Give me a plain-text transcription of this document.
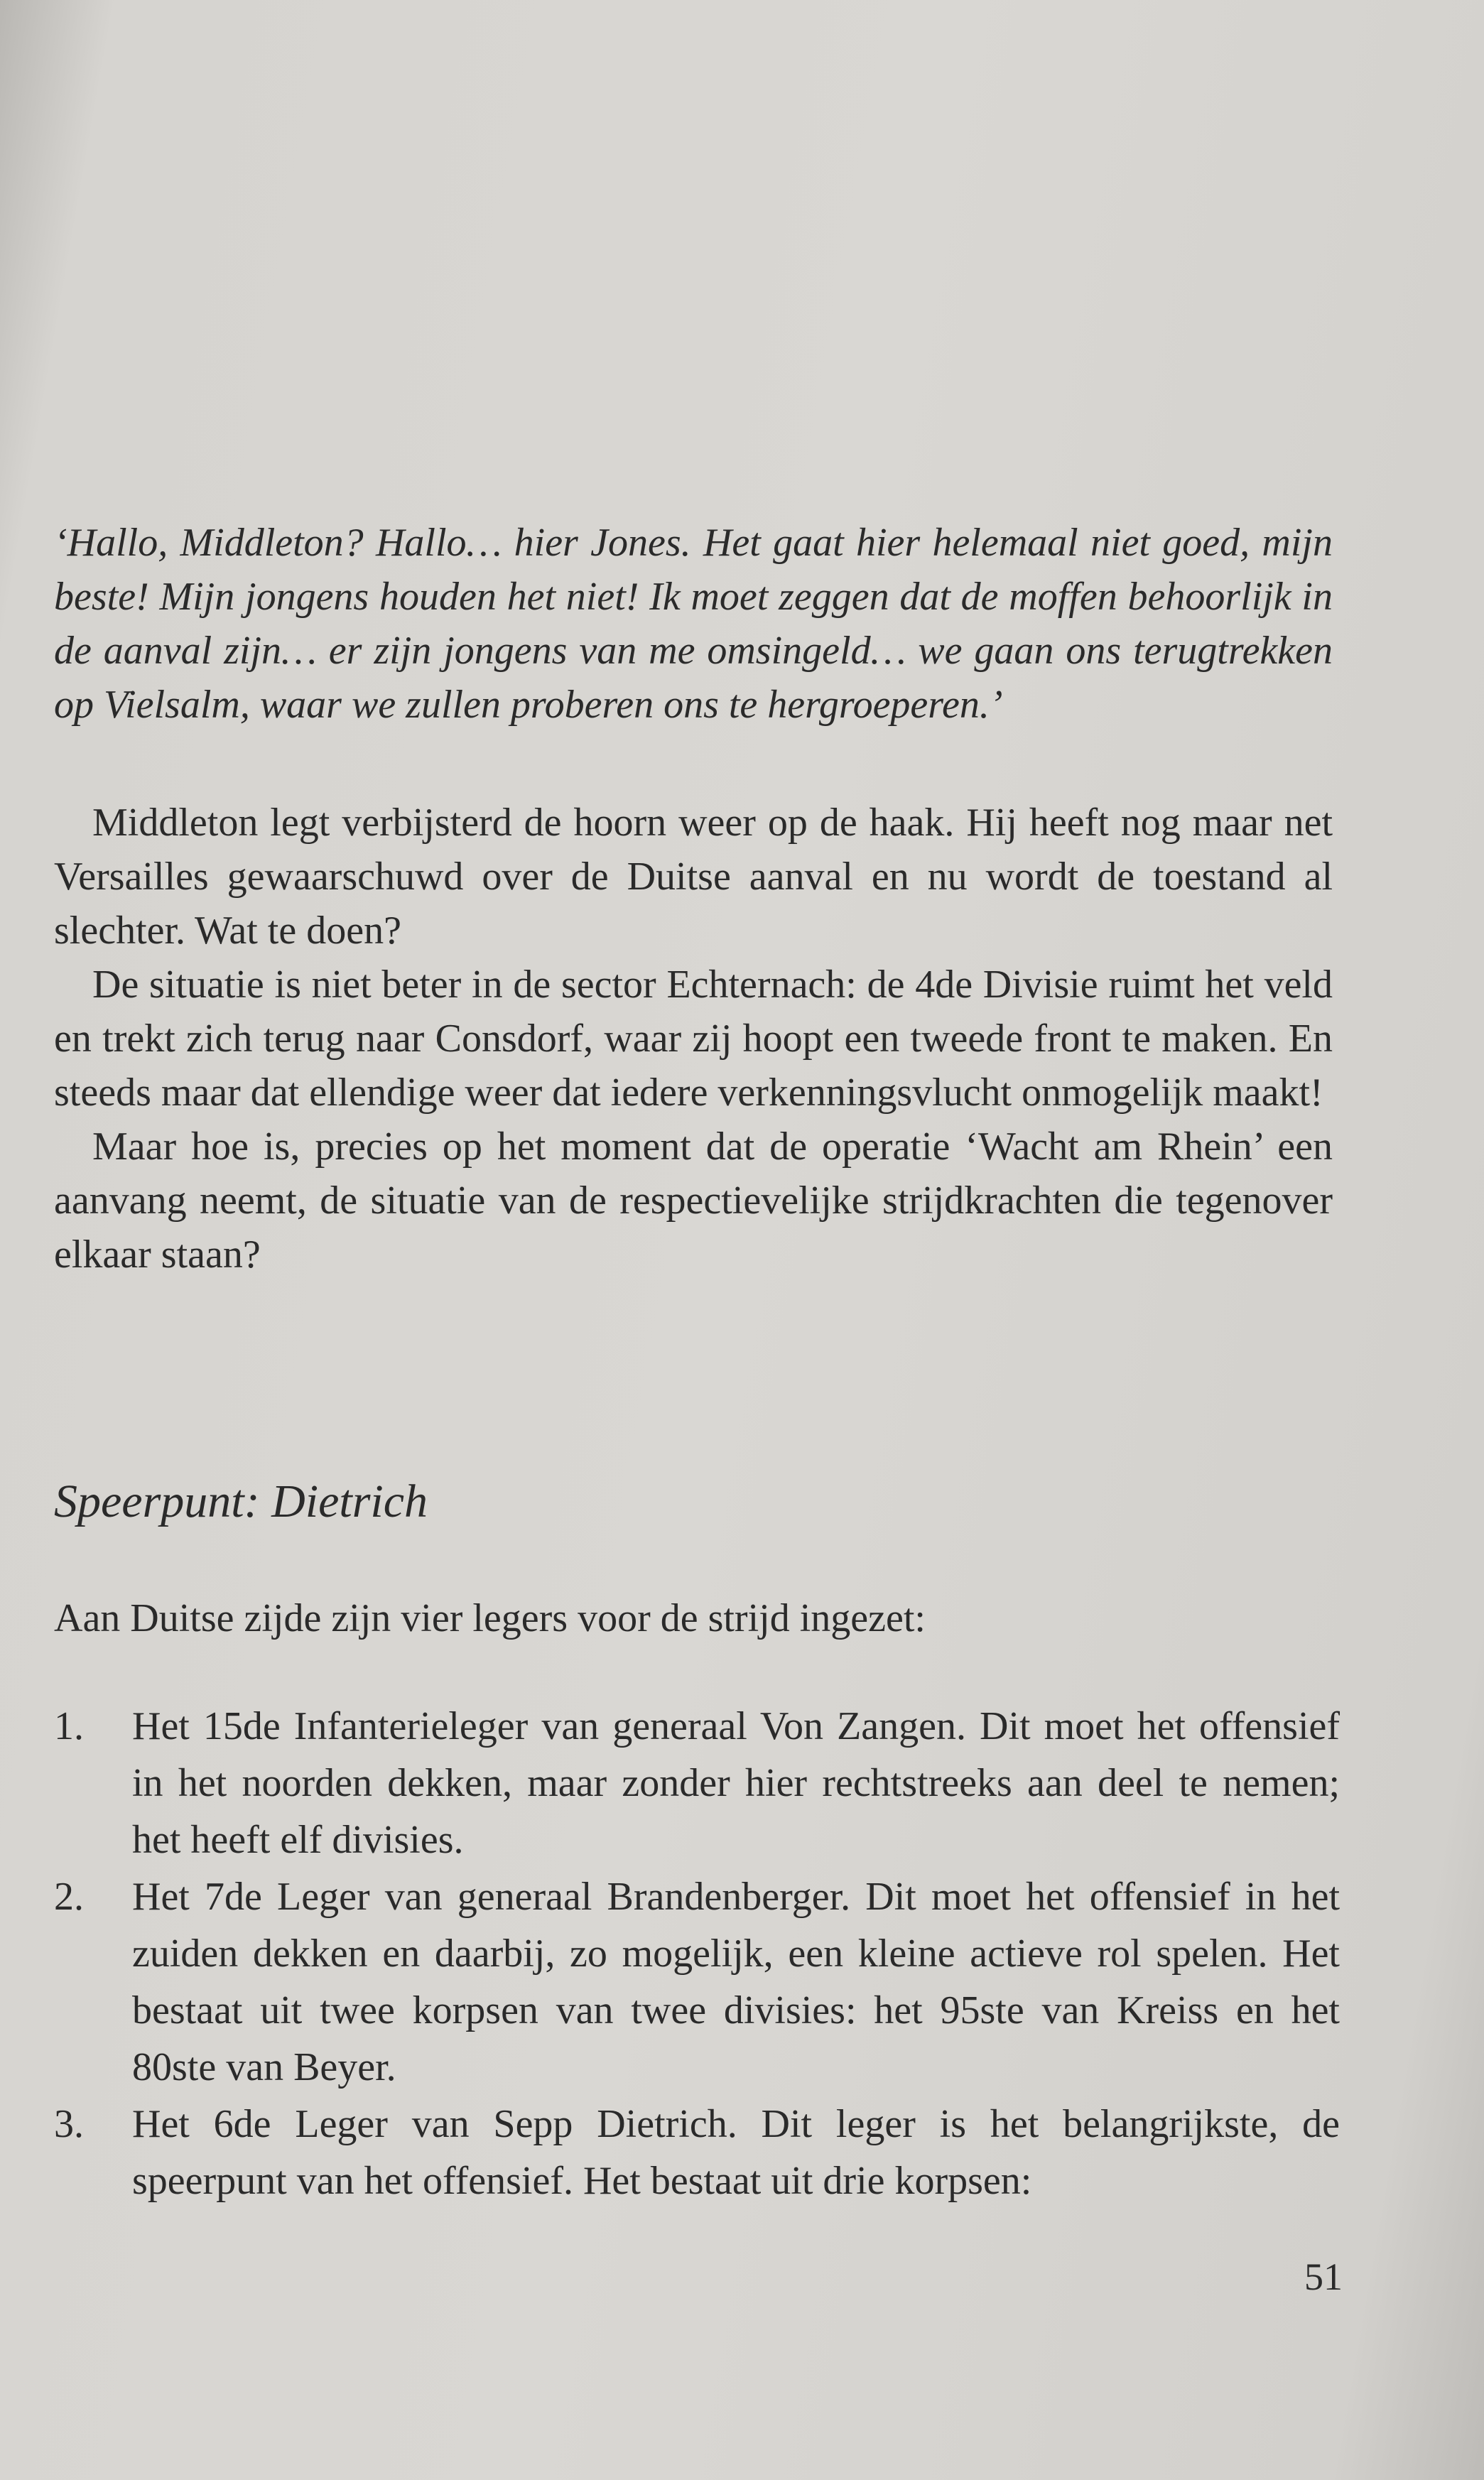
‘Hallo, Middleton? Hallo… hier Jones. Het gaat hier helemaal niet goed, mijn beste! Mijn jongens houden het niet! Ik moet zeggen dat de moffen behoorlijk in de aanval zijn… er zijn jongens van me omsingeld… we gaan ons terugtrekken op Vielsalm, waar we zullen proberen ons te hergroeperen.’

Middleton legt verbijsterd de hoorn weer op de haak. Hij heeft nog maar net Versailles gewaarschuwd over de Duitse aanval en nu wordt de toestand al slechter. Wat te doen?

De situatie is niet beter in de sector Echternach: de 4de Divisie ruimt het veld en trekt zich terug naar Consdorf, waar zij hoopt een tweede front te maken. En steeds maar dat ellendige weer dat iedere verkenningsvlucht onmogelijk maakt!

Maar hoe is, precies op het moment dat de operatie ‘Wacht am Rhein’ een aanvang neemt, de situatie van de respectievelijke strijdkrachten die tegenover elkaar staan?

Speerpunt: Dietrich

Aan Duitse zijde zijn vier legers voor de strijd ingezet:

1.	Het 15de Infanterieleger van generaal Von Zangen. Dit moet het offensief in het noorden dekken, maar zonder hier rechtstreeks aan deel te nemen; het heeft elf divisies.
2.	Het 7de Leger van generaal Brandenberger. Dit moet het offensief in het zuiden dekken en daarbij, zo mogelijk, een kleine actieve rol spelen. Het bestaat uit twee korpsen van twee divisies: het 95ste van Kreiss en het 80ste van Beyer.
3.	Het 6de Leger van Sepp Dietrich. Dit leger is het belangrijkste, de speerpunt van het offensief. Het bestaat uit drie korpsen:
51
